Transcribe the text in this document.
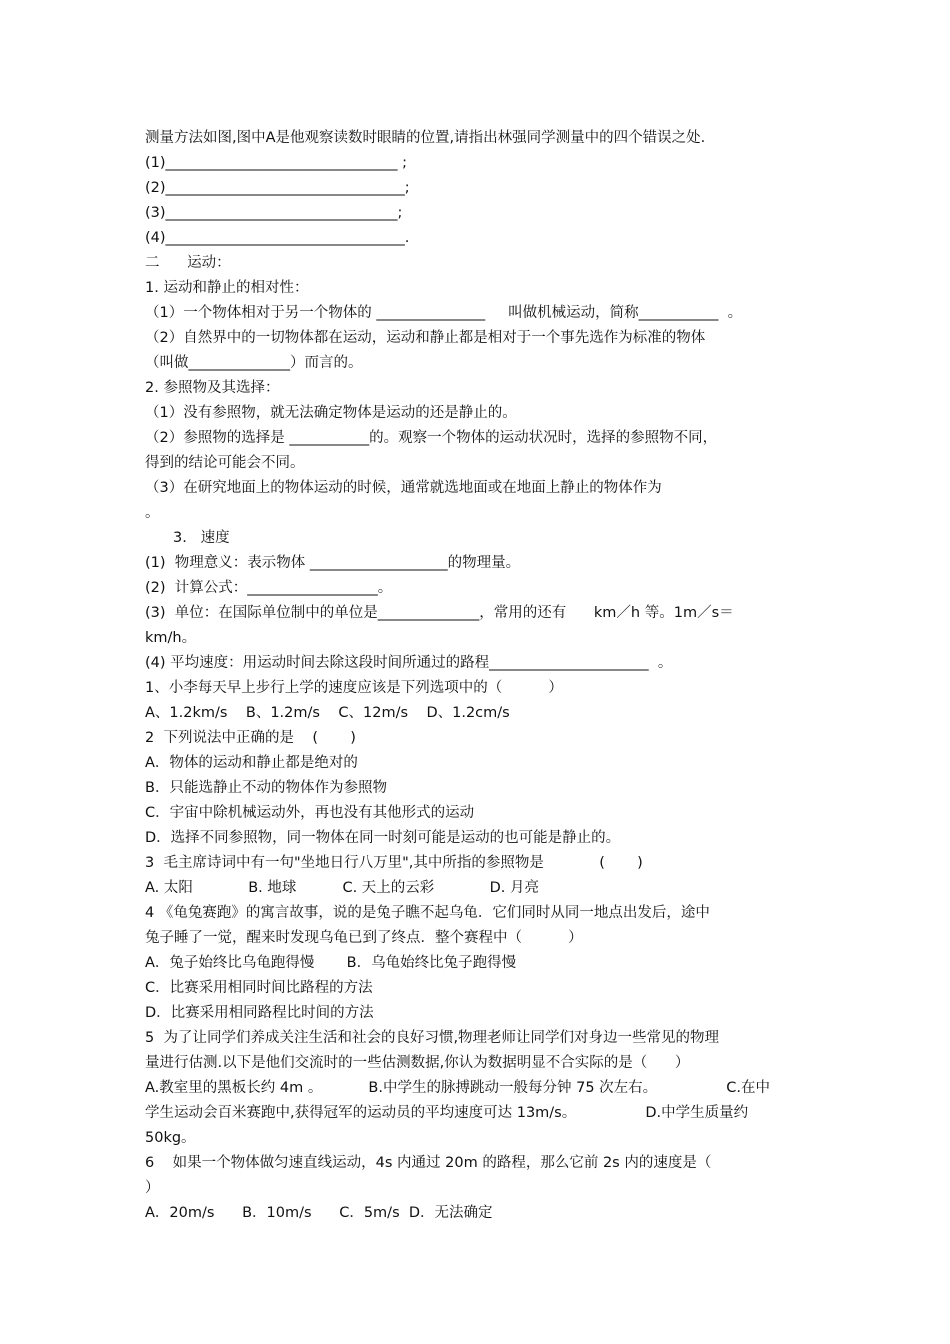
测量方法如图,图中A是他观察读数时眼睛的位置,请指出林强同学测量中的四个错误之处.
(1)________________________________ ;
(2)_________________________________;
(3)________________________________;
(4)_________________________________.
二      运动：
1. 运动和静止的相对性：
（1）一个物体相对于另一个物体的 _______________     叫做机械运动，简称___________  。
（2）自然界中的一切物体都在运动，运动和静止都是相对于一个事先选作为标准的物体
（叫做______________）而言的。
2. 参照物及其选择：
（1）没有参照物，就无法确定物体是运动的还是静止的。
（2）参照物的选择是 ___________的。观察一个物体的运动状况时，选择的参照物不同，
得到的结论可能会不同。
（3）在研究地面上的物体运动的时候，通常就选地面或在地面上静止的物体作为
。
3.   速度
(1)  物理意义：表示物体 ___________________的物理量。
(2)  计算公式：__________________。
(3)  单位：在国际单位制中的单位是______________，常用的还有      km／h 等。1m／s＝
km/h。
(4) 平均速度：用运动时间去除这段时间所通过的路程______________________  。
1、小李每天早上步行上学的速度应该是下列选项中的（          ）
A、1.2km/s    B、1.2m/s    C、12m/s    D、1.2cm/s
2  下列说法中正确的是    (       )
A．物体的运动和静止都是绝对的
B．只能选静止不动的物体作为参照物
C．宇宙中除机械运动外，再也没有其他形式的运动
D．选择不同参照物，同一物体在同一时刻可能是运动的也可能是静止的。
3  毛主席诗词中有一句"坐地日行八万里",其中所指的参照物是            (       )
A. 太阳            B. 地球          C. 天上的云彩            D. 月亮
4 《龟兔赛跑》的寓言故事，说的是兔子瞧不起乌龟．它们同时从同一地点出发后，途中
兔子睡了一觉，醒来时发现乌龟已到了终点．整个赛程中（          ）
A．兔子始终比乌龟跑得慢       B．乌龟始终比兔子跑得慢
C．比赛采用相同时间比路程的方法
D．比赛采用相同路程比时间的方法
5  为了让同学们养成关注生活和社会的良好习惯,物理老师让同学们对身边一些常见的物理
量进行估测.以下是他们交流时的一些估测数据,你认为数据明显不合实际的是（      ）
A.教室里的黑板长约 4m 。          B.中学生的脉搏跳动一般每分钟 75 次左右。               C.在中
学生运动会百米赛跑中,获得冠军的运动员的平均速度可达 13m/s。               D.中学生质量约
50kg。
6    如果一个物体做匀速直线运动，4s 内通过 20m 的路程，那么它前 2s 内的速度是（
）
A．20m/s      B．10m/s      C．5m/s  D．无法确定
